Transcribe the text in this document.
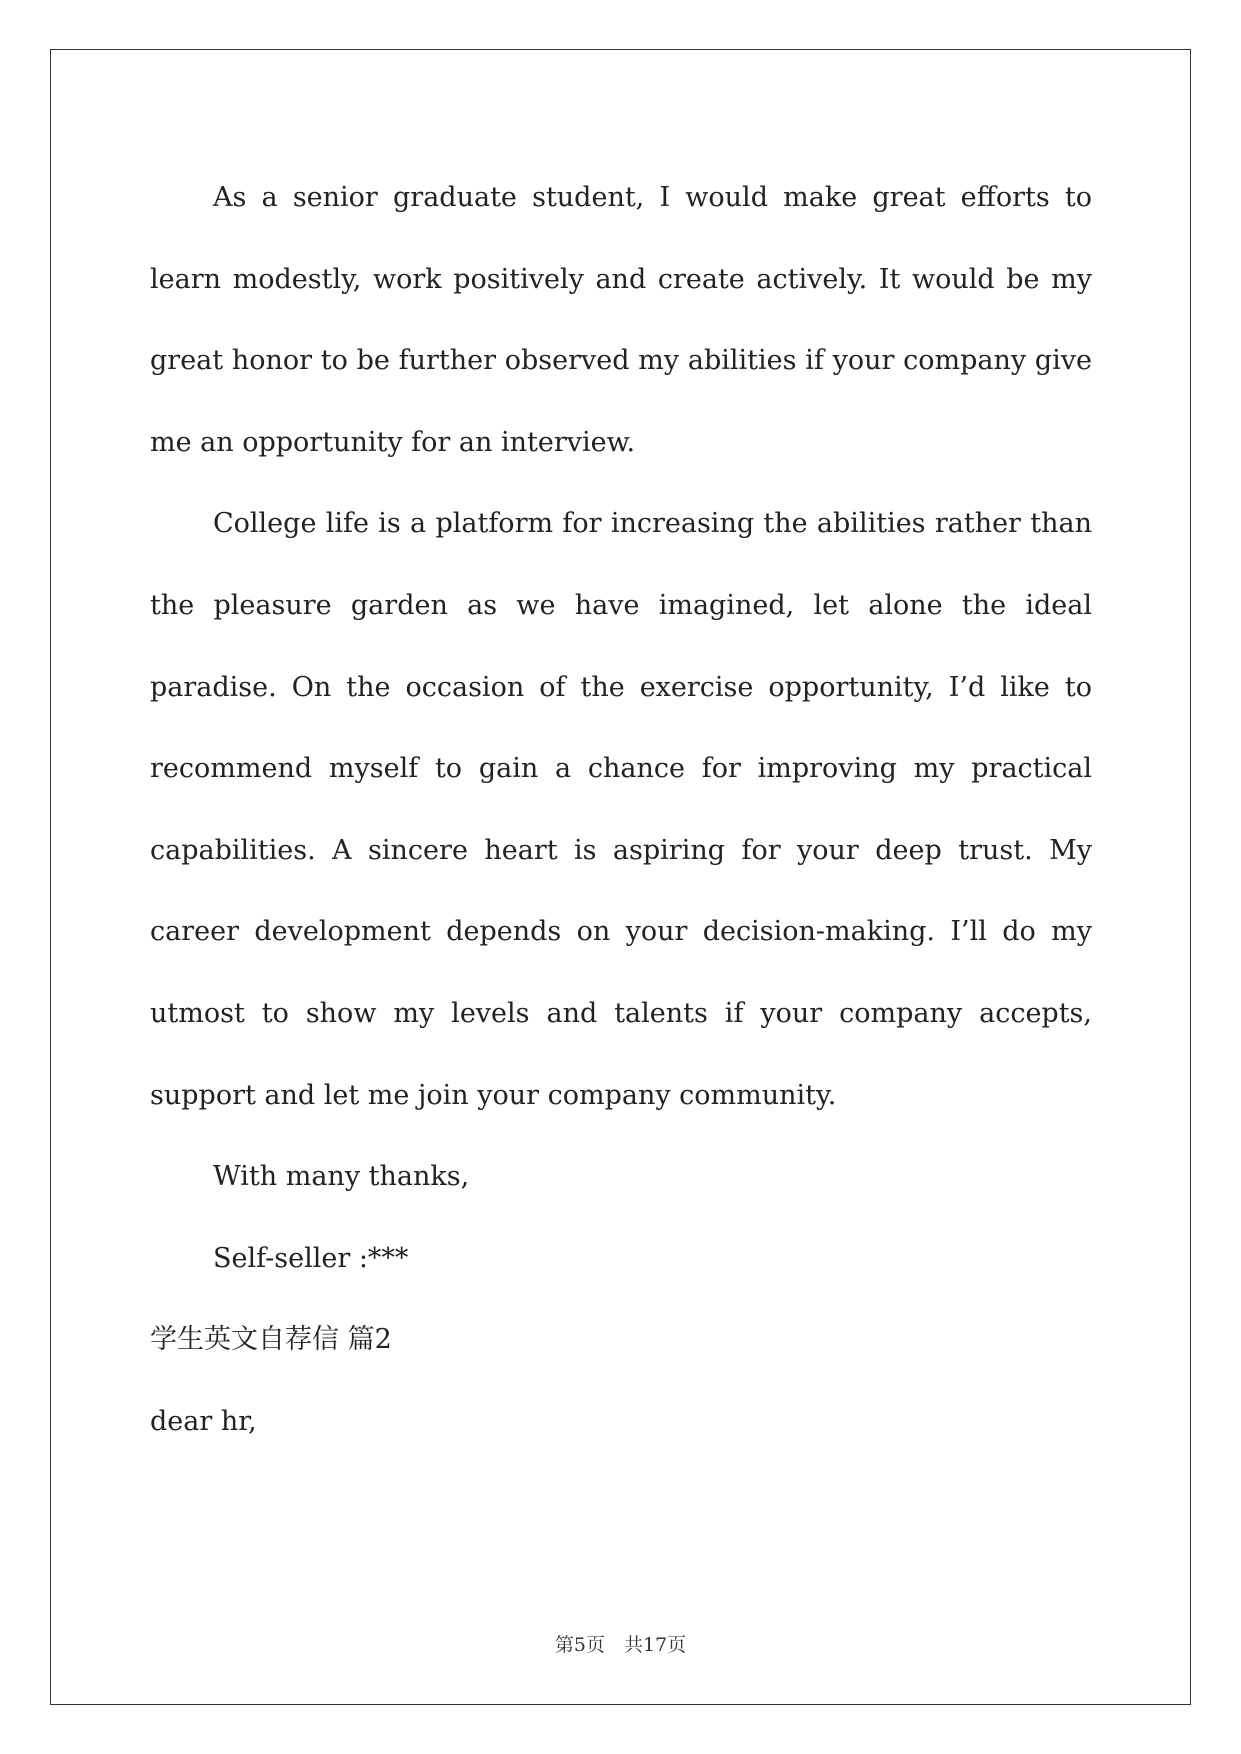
As a senior graduate student, I would make great efforts to learn modestly, work positively and create actively. It would be my great honor to be further observed my abilities if your company give me an opportunity for an interview.

College life is a platform for increasing the abilities rather than the pleasure garden as we have imagined, let alone the ideal paradise. On the occasion of the exercise opportunity, I’d like to recommend myself to gain a chance for improving my practical capabilities. A sincere heart is aspiring for your deep trust. My career development depends on your decision-making. I’ll do my utmost to show my levels and talents if your company accepts, support and let me join your company community.

With many thanks,

Self-seller :***

学生英文自荐信 篇2

dear hr,

第5页　共17页
